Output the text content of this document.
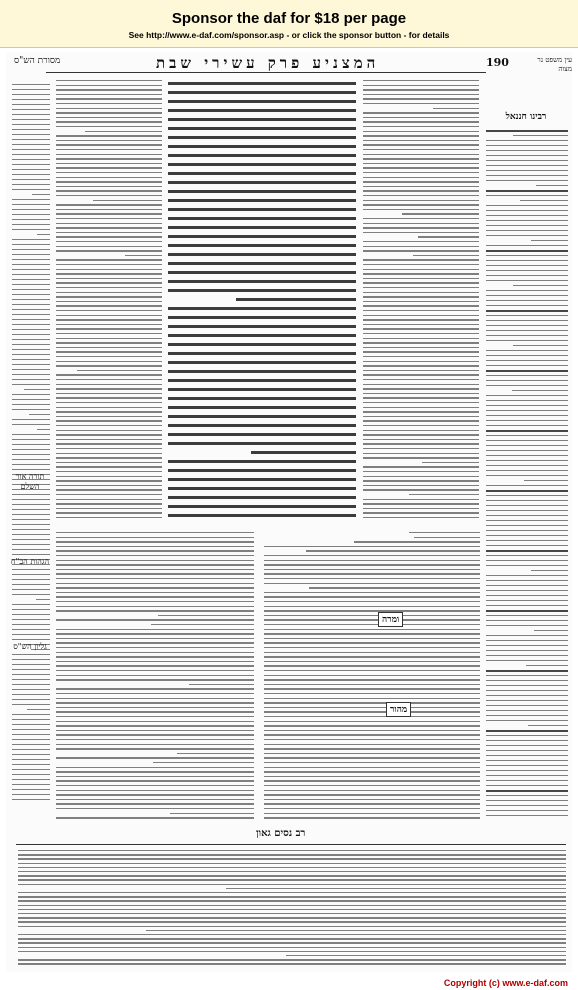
Sponsor the daf for $18 per page
See http://www.e-daf.com/sponsor.asp - or click the sponsor button - for details
מסורת הש"ס	המצניע פרק עשירי שבת	190	עין משפט נר מצוה
תורה אור השלם
הגהות הב"ח
גליון הש"ס
רבינו חננאל
ומרה
מהור
רב נסים גאון
Copyright (c) www.e-daf.com
